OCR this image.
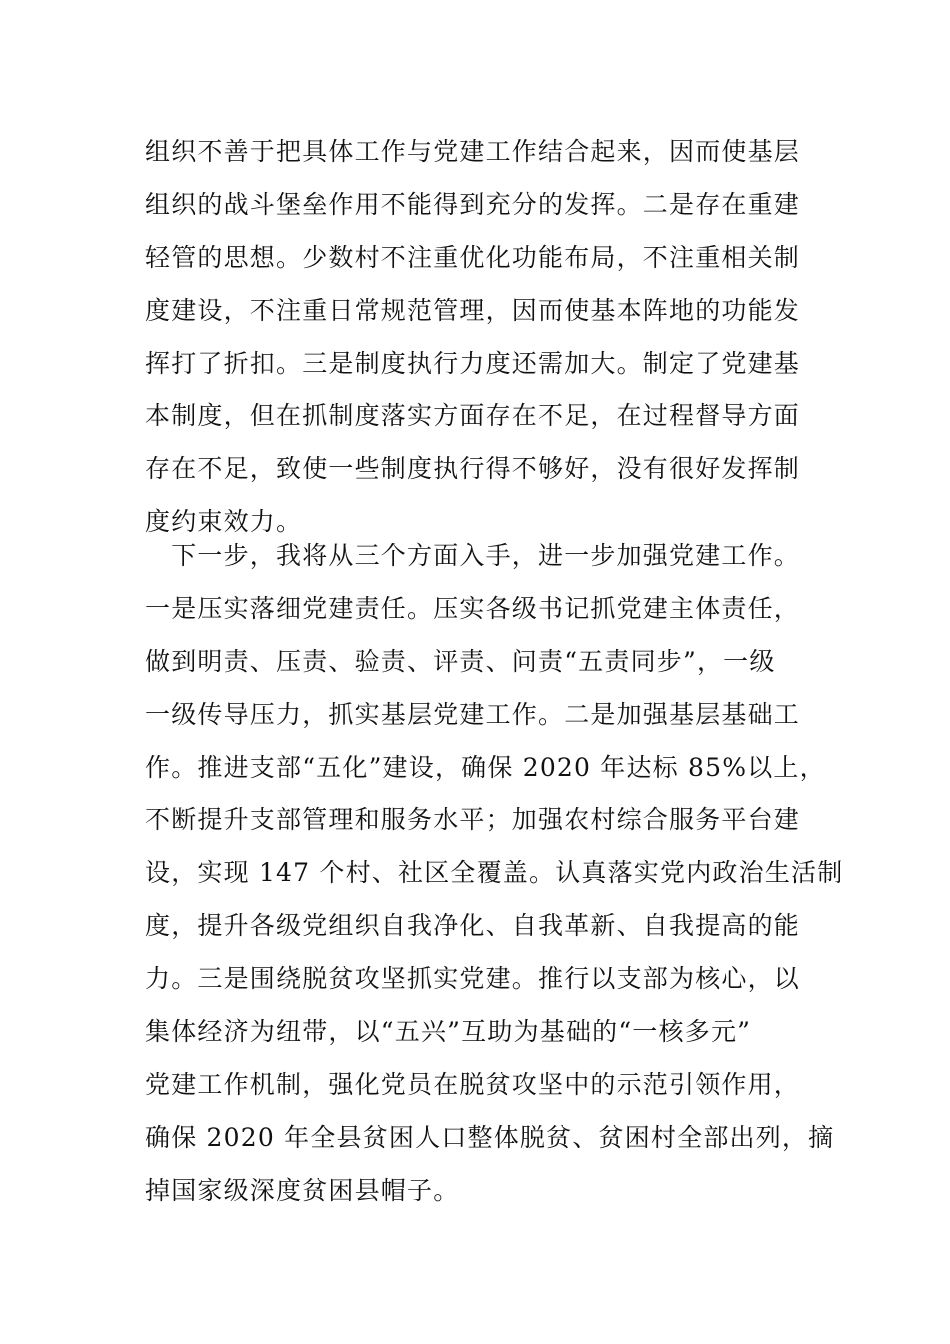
组织不善于把具体工作与党建工作结合起来，因而使基层
组织的战斗堡垒作用不能得到充分的发挥。二是存在重建
轻管的思想。少数村不注重优化功能布局，不注重相关制
度建设，不注重日常规范管理，因而使基本阵地的功能发
挥打了折扣。三是制度执行力度还需加大。制定了党建基
本制度，但在抓制度落实方面存在不足，在过程督导方面
存在不足，致使一些制度执行得不够好，没有很好发挥制
度约束效力。
　下一步，我将从三个方面入手，进一步加强党建工作。
一是压实落细党建责任。压实各级书记抓党建主体责任，
做到明责、压责、验责、评责、问责“五责同步”，一级
一级传导压力，抓实基层党建工作。二是加强基层基础工
作。推进支部“五化”建设，确保 2020 年达标 85%以上，
不断提升支部管理和服务水平；加强农村综合服务平台建
设，实现 147 个村、社区全覆盖。认真落实党内政治生活制
度，提升各级党组织自我净化、自我革新、自我提高的能
力。三是围绕脱贫攻坚抓实党建。推行以支部为核心，以
集体经济为纽带，以“五兴”互助为基础的“一核多元”
党建工作机制，强化党员在脱贫攻坚中的示范引领作用，
确保 2020 年全县贫困人口整体脱贫、贫困村全部出列，摘
掉国家级深度贫困县帽子。
